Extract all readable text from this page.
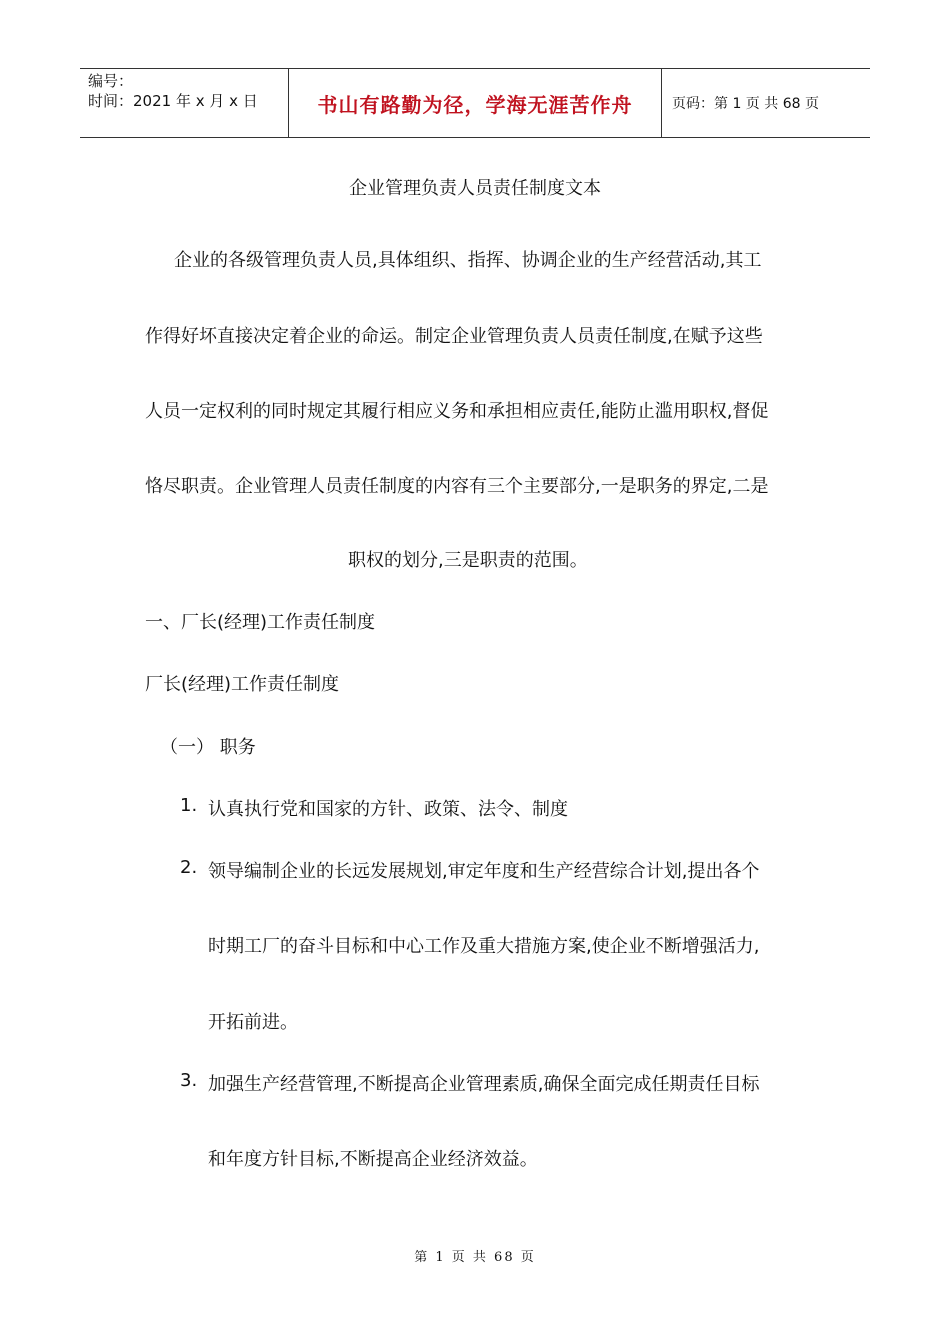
编号：
时间：2021 年 x 月 x 日	书山有路勤为径，学海无涯苦作舟	页码：第 1 页 共 68 页
企业管理负责人员责任制度文本
企业的各级管理负责人员,具体组织、指挥、协调企业的生产经营活动,其工
作得好坏直接决定着企业的命运。制定企业管理负责人员责任制度,在赋予这些
人员一定权利的同时规定其履行相应义务和承担相应责任,能防止滥用职权,督促
恪尽职责。企业管理人员责任制度的内容有三个主要部分,一是职务的界定,二是
职权的划分,三是职责的范围。
一、厂长(经理)工作责任制度
厂长(经理)工作责任制度
（一） 职务
1. 认真执行党和国家的方针、政策、法令、制度
2. 领导编制企业的长远发展规划,审定年度和生产经营综合计划,提出各个
时期工厂的奋斗目标和中心工作及重大措施方案,使企业不断增强活力,
开拓前进。
3. 加强生产经营管理,不断提高企业管理素质,确保全面完成任期责任目标
和年度方针目标,不断提高企业经济效益。
第 1 页 共 68 页
